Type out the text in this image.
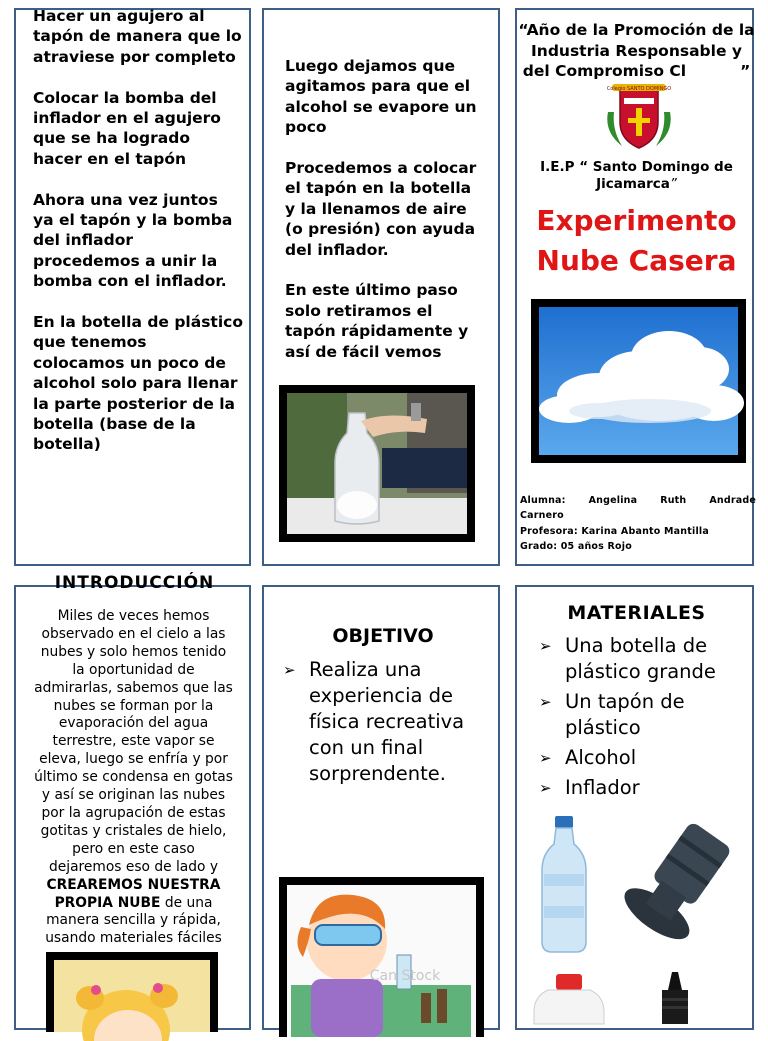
Hacer un agujero al tapón de manera que lo atraviese por completo

Colocar la bomba del inflador en el agujero que se ha logrado hacer en el tapón

Ahora una vez juntos ya el tapón y la bomba del inflador procedemos a unir la bomba con el inflador.

En la botella de plástico que tenemos colocamos un poco de alcohol solo para llenar la parte posterior de la botella (base de la botella)

Luego dejamos que agitamos para que el alcohol se evapore un poco

Procedemos a colocar el tapón en la botella y la llenamos de aire (o presión) con ayuda del inflador.

En este último paso solo retiramos el tapón rápidamente y así de fácil vemos

“Año de la Promoción de la Industria Responsable y del Compromiso Cl	”
I.E.P “ Santo Domingo de Jicamarca”
Experimento
Nube Casera
Alumna: Angelina Ruth Andrade
Carnero
Profesora: Karina Abanto Mantilla
Grado: 05 años Rojo
Colegio SANTO DOMINGO
INTRODUCCIÓN
Miles de veces hemos observado en el cielo a las nubes y solo hemos tenido la oportunidad de admirarlas, sabemos que las nubes se forman por la evaporación del agua terrestre, este vapor se eleva, luego se enfría y por último se condensa en gotas y así se originan las nubes por la agrupación de estas gotitas y cristales de hielo, pero en este caso dejaremos eso de lado y CREAREMOS NUESTRA PROPIA NUBE de una manera sencilla y rápida, usando materiales fáciles
OBJETIVO
➢ Realiza una experiencia de física recreativa con un final sorprendente.
Can Stock
MATERIALES
➢ Una botella de plástico grande
➢ Un tapón de plástico
➢ Alcohol
➢ Inflador
